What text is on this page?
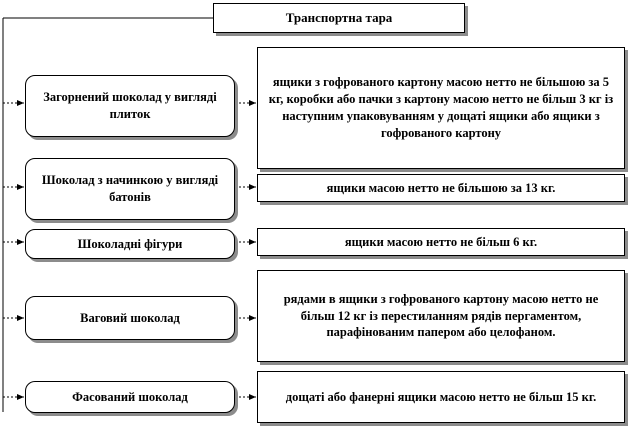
Транспортна тара
Загорнений шоколад у вигляді плиток
ящики з гофрованого картону масою нетто не більшою за 5 кг, коробки або пачки з картону масою нетто не більш 3 кг із наступним упаковуванням у дощаті ящики або ящики з гофрованого картону
Шоколад з начинкою у вигляді батонів
ящики масою нетто не більшою за 13 кг.
Шоколадні фігури	ящики масою нетто не більш 6 кг.
Ваговий шоколад
рядами в ящики з гофрованого картону масою нетто не більш 12 кг із перестиланням рядів пергаментом, парафінованим папером або целофаном.
Фасований шоколад	дощаті або фанерні ящики масою нетто не більш 15 кг.
